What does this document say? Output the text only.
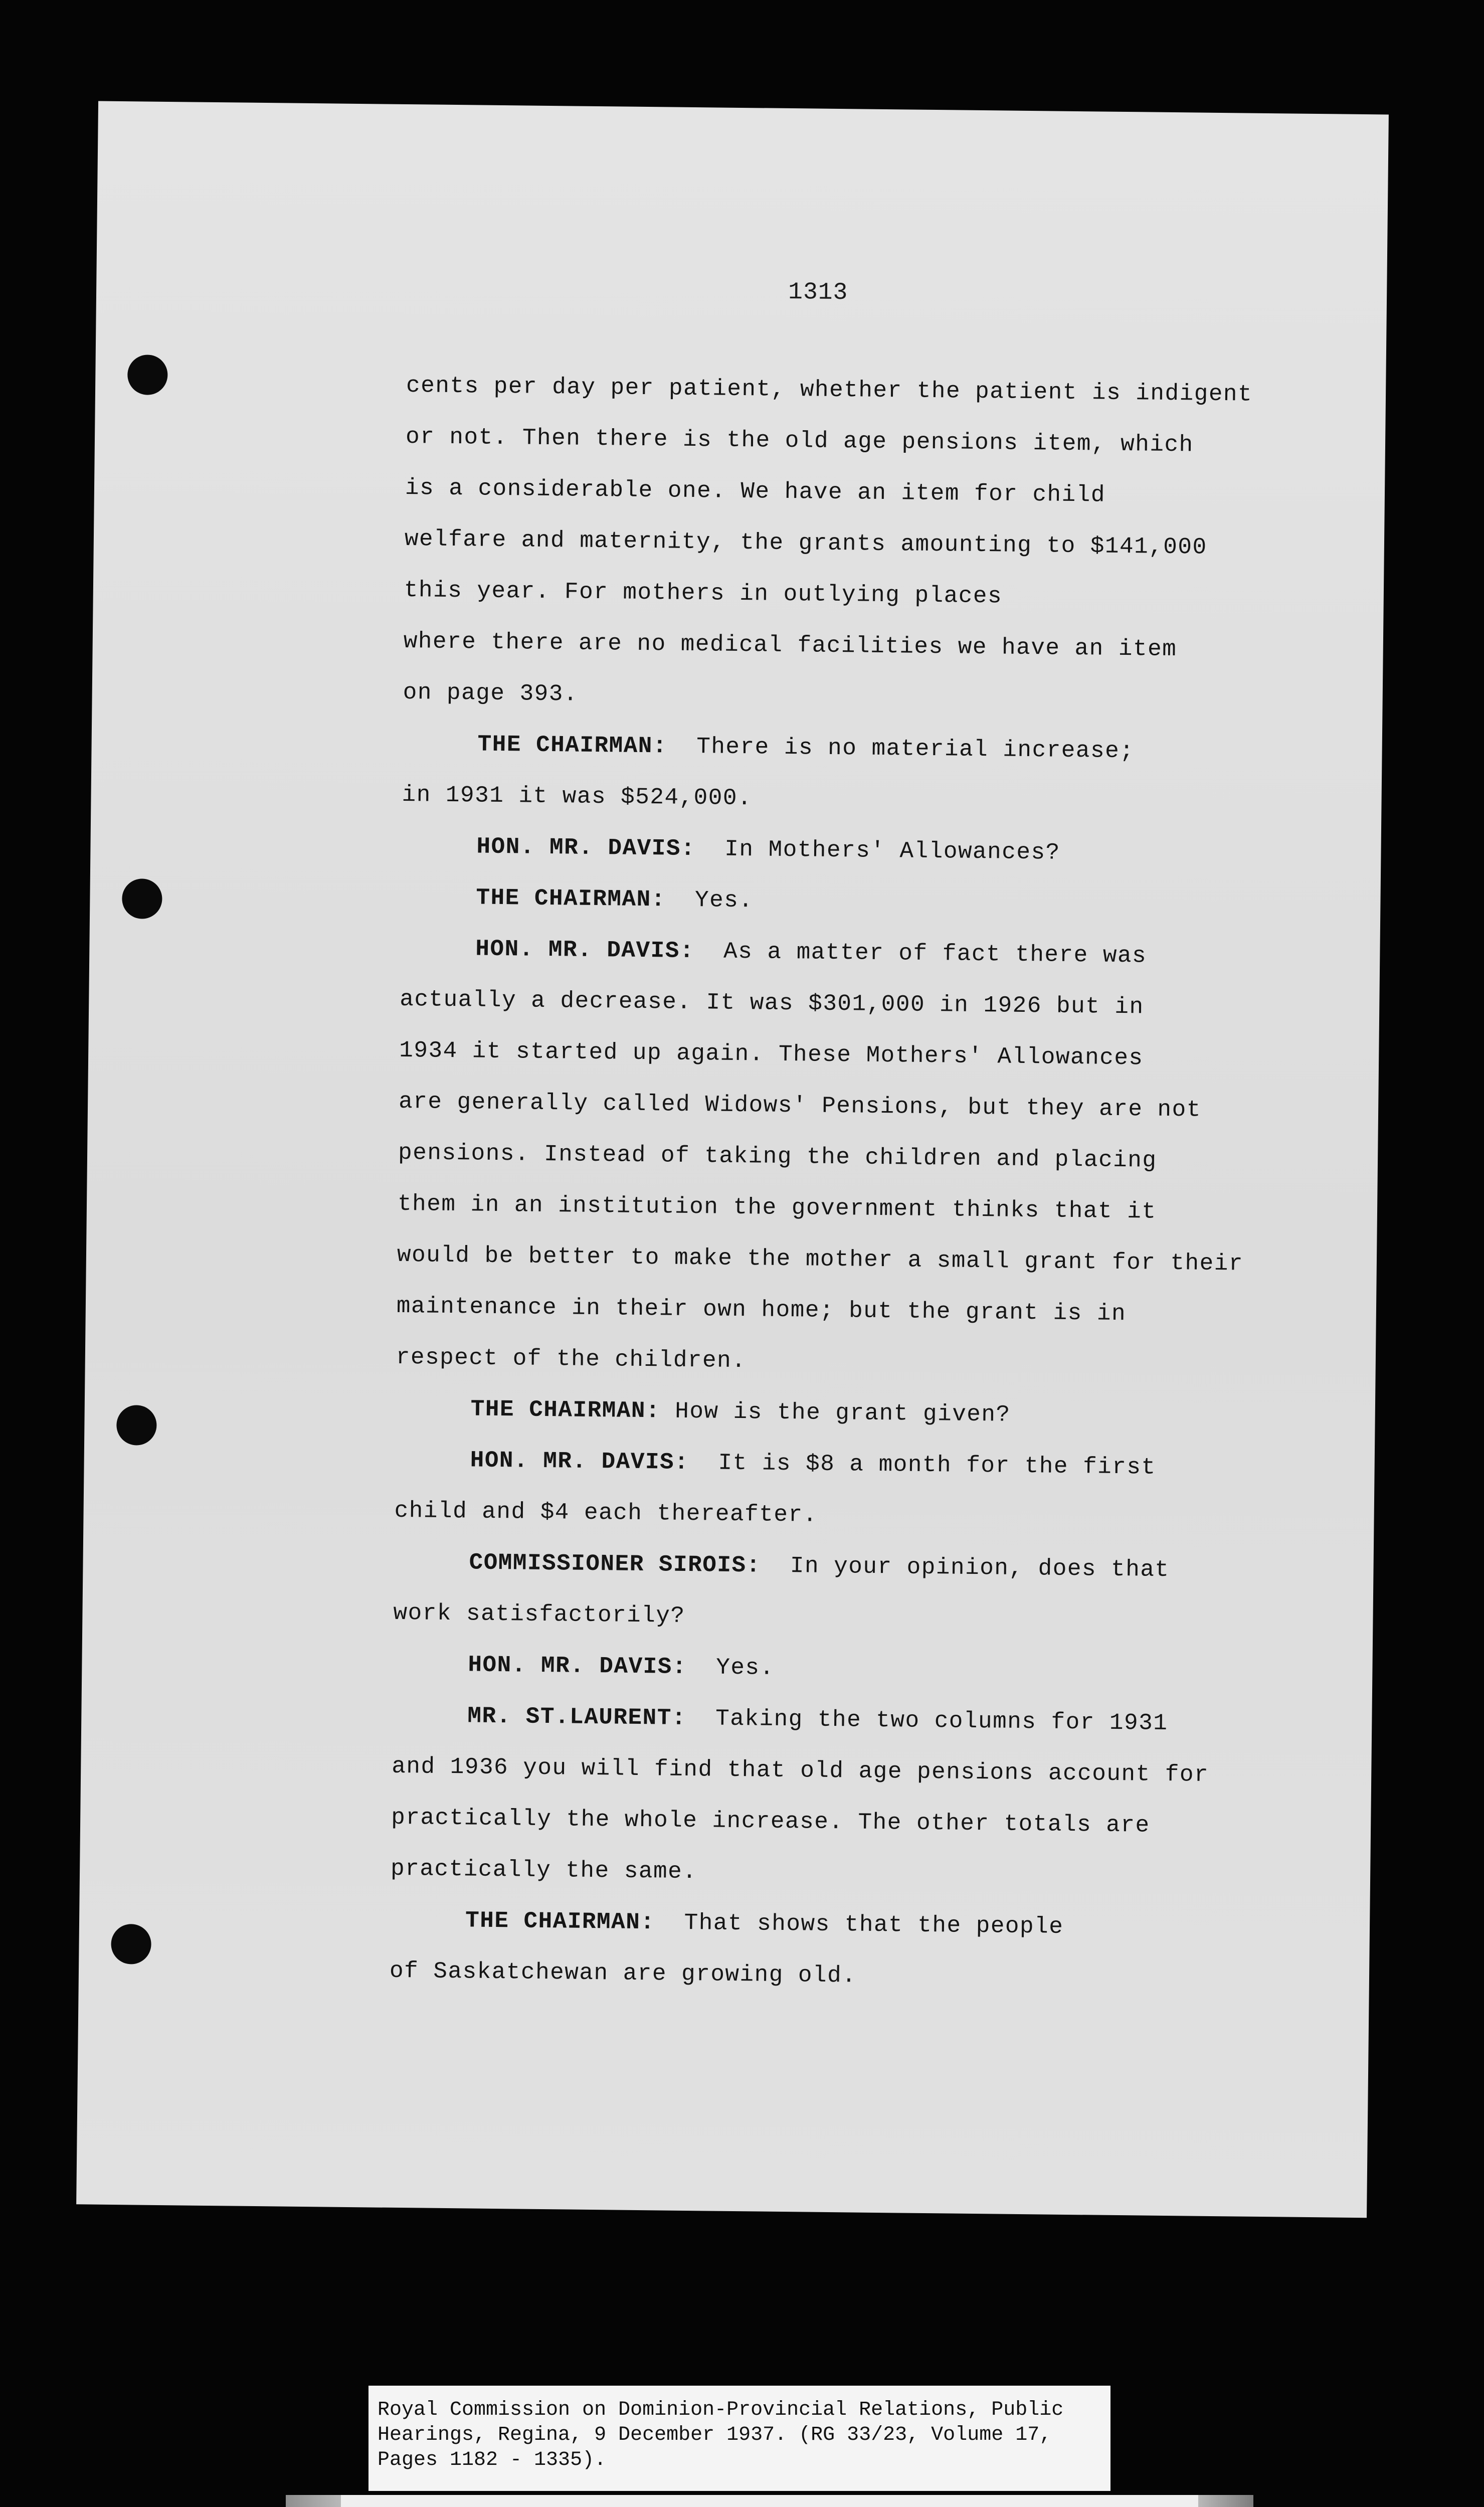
1313
cents per day per patient, whether the patient is indigent
or not. Then there is the old age pensions item, which
is a considerable one. We have an item for child
welfare and maternity, the grants amounting to $141,000
this year. For mothers in outlying places
where there are no medical facilities we have an item
on page 393.
THE CHAIRMAN: There is no material increase;
in 1931 it was $524,000.
HON. MR. DAVIS: In Mothers' Allowances?
THE CHAIRMAN: Yes.
HON. MR. DAVIS: As a matter of fact there was
actually a decrease. It was $301,000 in 1926 but in
1934 it started up again. These Mothers' Allowances
are generally called Widows' Pensions, but they are not
pensions. Instead of taking the children and placing
them in an institution the government thinks that it
would be better to make the mother a small grant for their
maintenance in their own home; but the grant is in
respect of the children.
THE CHAIRMAN: How is the grant given?
HON. MR. DAVIS: It is $8 a month for the first
child and $4 each thereafter.
COMMISSIONER SIROIS: In your opinion, does that
work satisfactorily?
HON. MR. DAVIS: Yes.
MR. ST.LAURENT: Taking the two columns for 1931
and 1936 you will find that old age pensions account for
practically the whole increase. The other totals are
practically the same.
THE CHAIRMAN: That shows that the people
of Saskatchewan are growing old.
Royal Commission on Dominion-Provincial Relations, Public
Hearings, Regina, 9 December 1937. (RG 33/23, Volume 17,
Pages 1182 - 1335).
